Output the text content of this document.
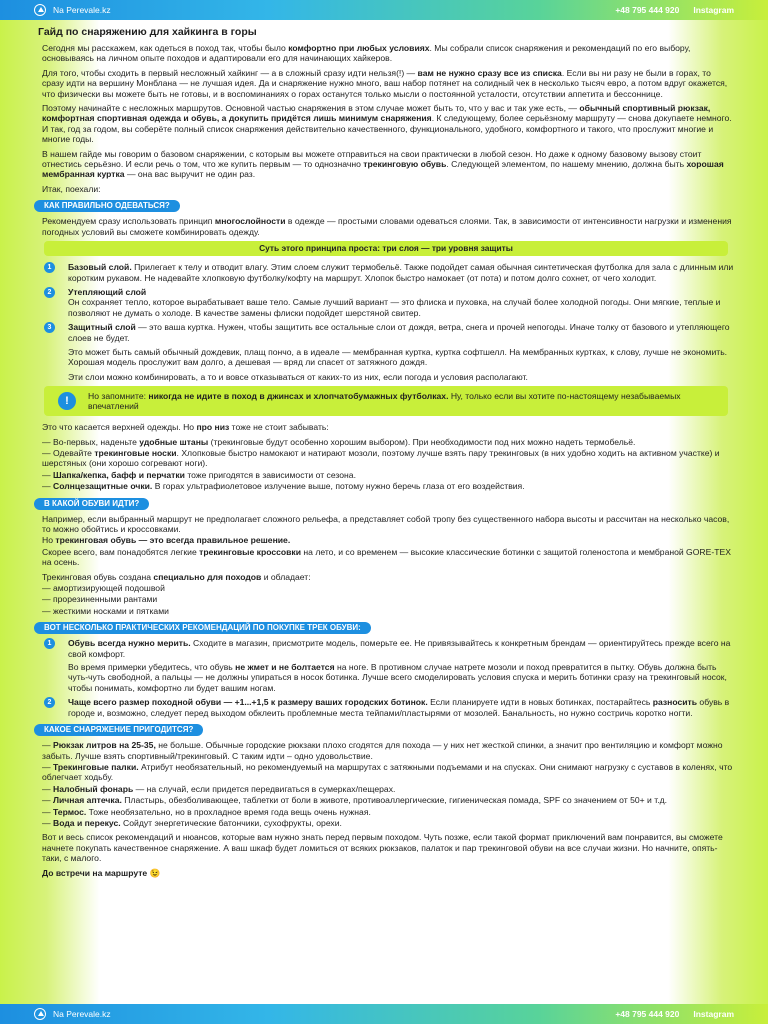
Na Perevale.kz	+48 795 444 920 Instagram
Гайд по снаряжению для хайкинга в горы

Сегодня мы расскажем, как одеться в поход так, чтобы было комфортно при любых условиях. Мы собрали список снаряжения и рекомендаций по его выбору, основываясь на личном опыте походов и адаптировали его для начинающих хайкеров.

Для того, чтобы сходить в первый несложный хайкинг — а в сложный сразу идти нельзя(!) — вам не нужно сразу все из списка. Если вы ни разу не были в горах, то сразу идти на вершину Монблана — не лучшая идея. Да и снаряжение нужно много, ваш набор потянет на солидный чек в несколько тысяч евро, а потом вдруг окажется, что физически вы можете быть не готовы, и в воспоминаниях о горах останутся только мысли о постоянной усталости, отсутствии аппетита и бессоннице.

Поэтому начинайте с несложных маршрутов. Основной частью снаряжения в этом случае может быть то, что у вас и так уже есть, — обычный спортивный рюкзак, комфортная спортивная одежда и обувь, а докупить придётся лишь минимум снаряжения. К следующему, более серьёзному маршруту — снова докупаете немного. И так, год за годом, вы соберёте полный список снаряжения действительно качественного, функционального, удобного, комфортного и такого, что прослужит многие и многие годы.

В нашем гайде мы говорим о базовом снаряжении, с которым вы можете отправиться на свои практически в любой сезон. Но даже к одному базовому вызову стоит отнестись серьёзно. И если речь о том, что же купить первым — то однозначно трекинговую обувь. Следующей элементом, по нашему мнению, должна быть хорошая мембранная куртка — она вас выручит не один раз.

Итак, поехали:

КАК ПРАВИЛЬНО ОДЕВАТЬСЯ?

Рекомендуем сразу использовать принцип многослойности в одежде — простыми словами одеваться слоями. Так, в зависимости от интенсивности нагрузки и изменения погодных условий вы сможете комбинировать одежду.

Суть этого принципа проста: три слоя — три уровня защиты
1	Базовый слой. Прилегает к телу и отводит влагу. Этим слоем служит термобельё. Также подойдет самая обычная синтетическая футболка для зала с длинным или коротким рукавом. Не надевайте хлопковую футболку/кофту на маршрут. Хлопок быстро намокает (от пота) и потом долго сохнет, от чего холодит.
2	Утепляющий слой
Он сохраняет тепло, которое вырабатывает ваше тело. Самые лучший вариант — это флиска и пуховка, на случай более холодной погоды. Они мягкие, теплые и позволяют не думать о холоде. В качестве замены флиски подойдет шерстяной свитер.
3	Защитный слой — это ваша куртка. Нужен, чтобы защитить все остальные слои от дождя, ветра, снега и прочей непогоды. Иначе толку от базового и утепляющего слоев не будет.

Это может быть самый обычный дождевик, плащ пончо, а в идеале — мембранная куртка, куртка софтшелл. На мембранных куртках, к слову, лучше не экономить. Хорошая модель прослужит вам долго, а дешевая — вряд ли спасет от затяжного дождя.

Эти слои можно комбинировать, а то и вовсе отказываться от каких-то из них, если погода и условия располагают.

!	Но запомните: никогда не идите в поход в джинсах и хлопчатобумажных футболках. Ну, только если вы хотите по-настоящему незабываемых впечатлений

Это что касается верхней одежды. Но про низ тоже не стоит забывать:

— Во-первых, наденьте удобные штаны (трекинговые будут особенно хорошим выбором). При необходимости под них можно надеть термобельё.

— Одевайте трекинговые носки. Хлопковые быстро намокают и натирают мозоли, поэтому лучше взять пару трекинговых (в них удобно ходить на активном участке) и шерстяных (они хорошо согревают ноги).

— Шапка/кепка, бафф и перчатки тоже пригодятся в зависимости от сезона.

— Солнцезащитные очки. В горах ультрафиолетовое излучение выше, потому нужно беречь глаза от его воздействия.

В КАКОЙ ОБУВИ ИДТИ?

Например, если выбранный маршрут не предполагает сложного рельефа, а представляет собой тропу без существенного набора высоты и рассчитан на несколько часов, то можно обойтись и кроссовками.

Но трекинговая обувь — это всегда правильное решение.

Скорее всего, вам понадобятся легкие трекинговые кроссовки на лето, и со временем — высокие классические ботинки с защитой голеностопа и мембраной GORE-TEX на осень.

Трекинговая обувь создана специально для походов и обладает:

— амортизирующей подошвой

— прорезиненными рантами

— жесткими носками и пятками

ВОТ НЕСКОЛЬКО ПРАКТИЧЕСКИХ РЕКОМЕНДАЦИЙ ПО ПОКУПКЕ ТРЕК ОБУВИ:
1	Обувь всегда нужно мерить. Сходите в магазин, присмотрите модель, померьте ее. Не привязывайтесь к конкретным брендам — ориентируйтесь прежде всего на свой комфорт.
Во время примерки убедитесь, что обувь не жмет и не болтается на ноге. В противном случае натрете мозоли и поход превратится в пытку. Обувь должна быть чуть-чуть свободной, а пальцы — не должны упираться в носок ботинка. Лучше всего смоделировать условия спуска и мерить ботинки сразу на трекинговый носок, чтобы понимать, комфортно ли будет вашим ногам.
2	Чаще всего размер походной обуви — +1...+1,5 к размеру ваших городских ботинок. Если планируете идти в новых ботинках, постарайтесь разносить обувь в городе и, возможно, следует перед выходом обклеить проблемные места тейпами/пластырями от мозолей. Банальность, но нужно состричь коротко ногти.
КАКОЕ СНАРЯЖЕНИЕ ПРИГОДИТСЯ?

— Рюкзак литров на 25-35, не больше. Обычные городские рюкзаки плохо сгодятся для похода — у них нет жесткой спинки, а значит про вентиляцию и комфорт можно забыть. Лучше взять спортивный/трекинговый. С таким идти – одно удовольствие.

— Трекинговые палки. Атрибут необязательный, но рекомендуемый на маршрутах с затяжными подъемами и на спусках. Они снимают нагрузку с суставов в коленях, что облегчает ходьбу.

— Налобный фонарь — на случай, если придется передвигаться в сумерках/пещерах.

— Личная аптечка. Пластырь, обезболивающее, таблетки от боли в животе, противоаллергические, гигиеническая помада, SPF со значением от 50+ и т.д.

— Термос. Тоже необязательно, но в прохладное время года вещь очень нужная.

— Вода и перекус. Сойдут энергетические батончики, сухофрукты, орехи.

Вот и весь список рекомендаций и нюансов, которые вам нужно знать перед первым походом. Чуть позже, если такой формат приключений вам понравится, вы сможете начнете покупать качественное снаряжение. А ваш шкаф будет ломиться от всяких рюкзаков, палаток и пар трекинговой обуви на все случаи жизни. Но начните, опять-таки, с малого.

До встречи на маршруте 😉

Na Perevale.kz	+48 795 444 920 Instagram
